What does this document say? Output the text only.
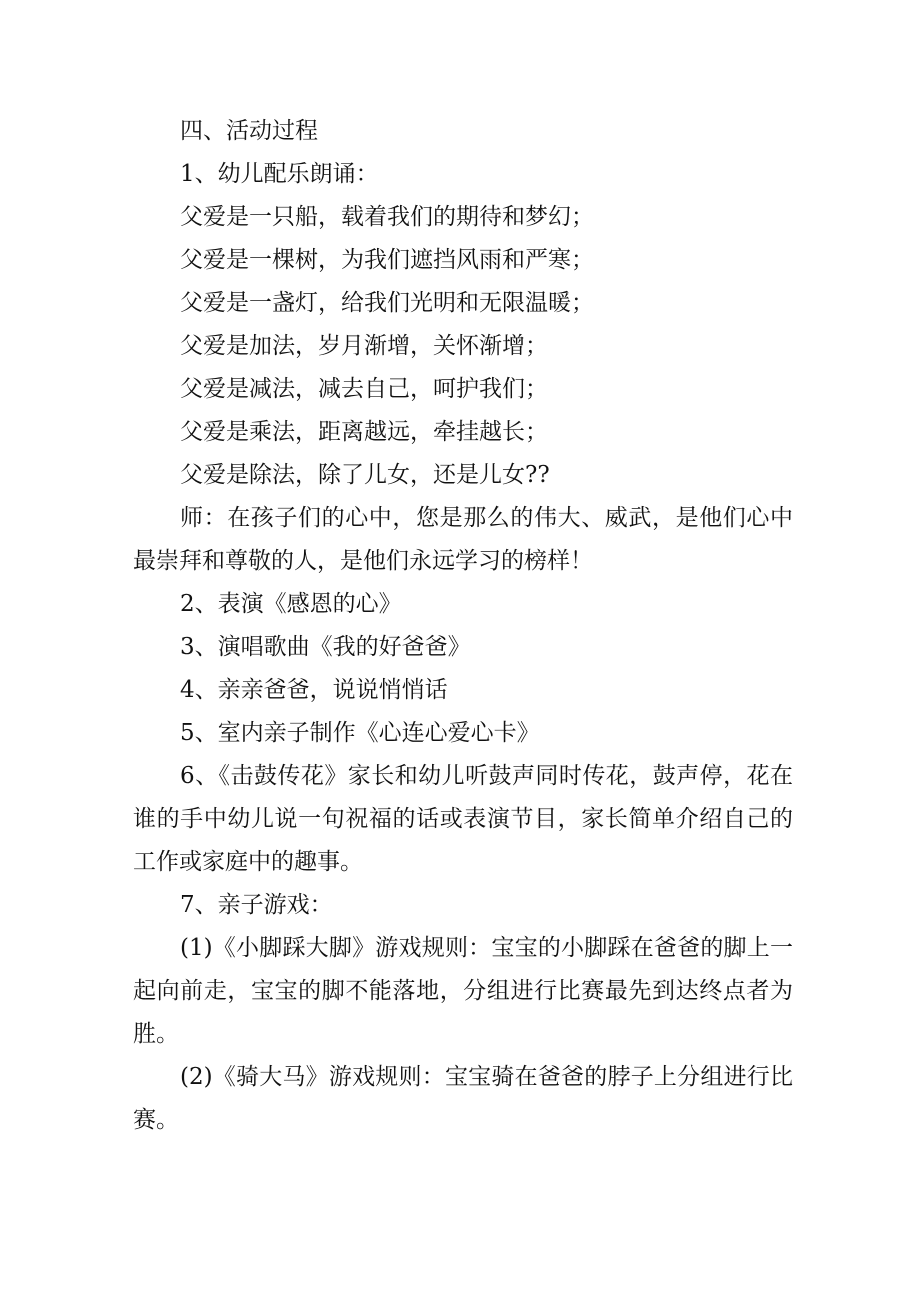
四、活动过程
1、幼儿配乐朗诵：
父爱是一只船，载着我们的期待和梦幻；
父爱是一棵树，为我们遮挡风雨和严寒；
父爱是一盏灯，给我们光明和无限温暖；
父爱是加法，岁月渐增，关怀渐增；
父爱是减法，减去自己，呵护我们；
父爱是乘法，距离越远，牵挂越长；
父爱是除法，除了儿女，还是儿女??
师：在孩子们的心中，您是那么的伟大、威武，是他们心中
最崇拜和尊敬的人，是他们永远学习的榜样！
2、表演《感恩的心》
3、演唱歌曲《我的好爸爸》
4、亲亲爸爸，说说悄悄话
5、室内亲子制作《心连心爱心卡》
6、《击鼓传花》家长和幼儿听鼓声同时传花，鼓声停，花在
谁的手中幼儿说一句祝福的话或表演节目，家长简单介绍自己的
工作或家庭中的趣事。
7、亲子游戏：
(1)《小脚踩大脚》游戏规则：宝宝的小脚踩在爸爸的脚上一
起向前走，宝宝的脚不能落地，分组进行比赛最先到达终点者为
胜。
(2)《骑大马》游戏规则：宝宝骑在爸爸的脖子上分组进行比
赛。
